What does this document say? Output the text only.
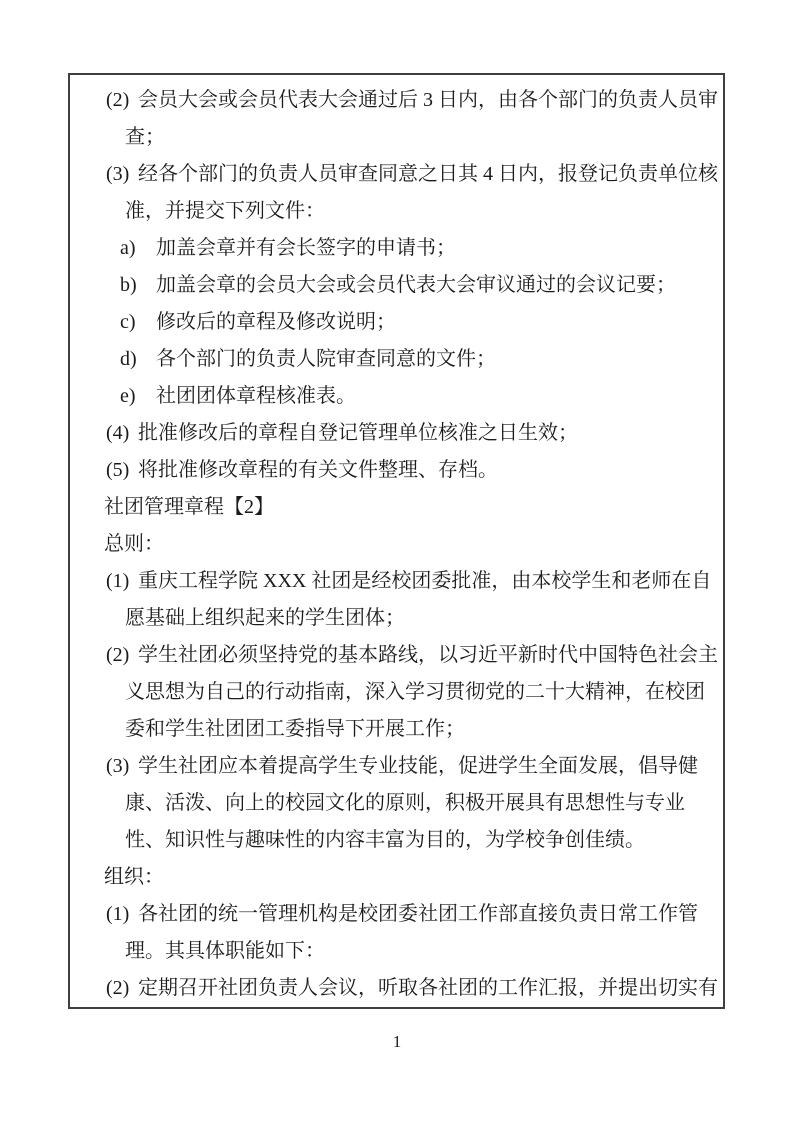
(2) 会员大会或会员代表大会通过后 3 日内，由各个部门的负责人员审查；

(3) 经各个部门的负责人员审查同意之日其 4 日内，报登记负责单位核准，并提交下列文件：

a) 加盖会章并有会长签字的申请书；

b) 加盖会章的会员大会或会员代表大会审议通过的会议记要；

c) 修改后的章程及修改说明；

d) 各个部门的负责人院审查同意的文件；

e) 社团团体章程核准表。

(4) 批准修改后的章程自登记管理单位核准之日生效；

(5) 将批准修改章程的有关文件整理、存档。

社团管理章程【2】

总则：

(1) 重庆工程学院 XXX 社团是经校团委批准，由本校学生和老师在自愿基础上组织起来的学生团体；

(2) 学生社团必须坚持党的基本路线，以习近平新时代中国特色社会主义思想为自己的行动指南，深入学习贯彻党的二十大精神，在校团委和学生社团团工委指导下开展工作；

(3) 学生社团应本着提高学生专业技能，促进学生全面发展，倡导健康、活泼、向上的校园文化的原则，积极开展具有思想性与专业性、知识性与趣味性的内容丰富为目的，为学校争创佳绩。

组织：

(1) 各社团的统一管理机构是校团委社团工作部直接负责日常工作管理。其具体职能如下：

(2) 定期召开社团负责人会议，听取各社团的工作汇报，并提出切实有

1
